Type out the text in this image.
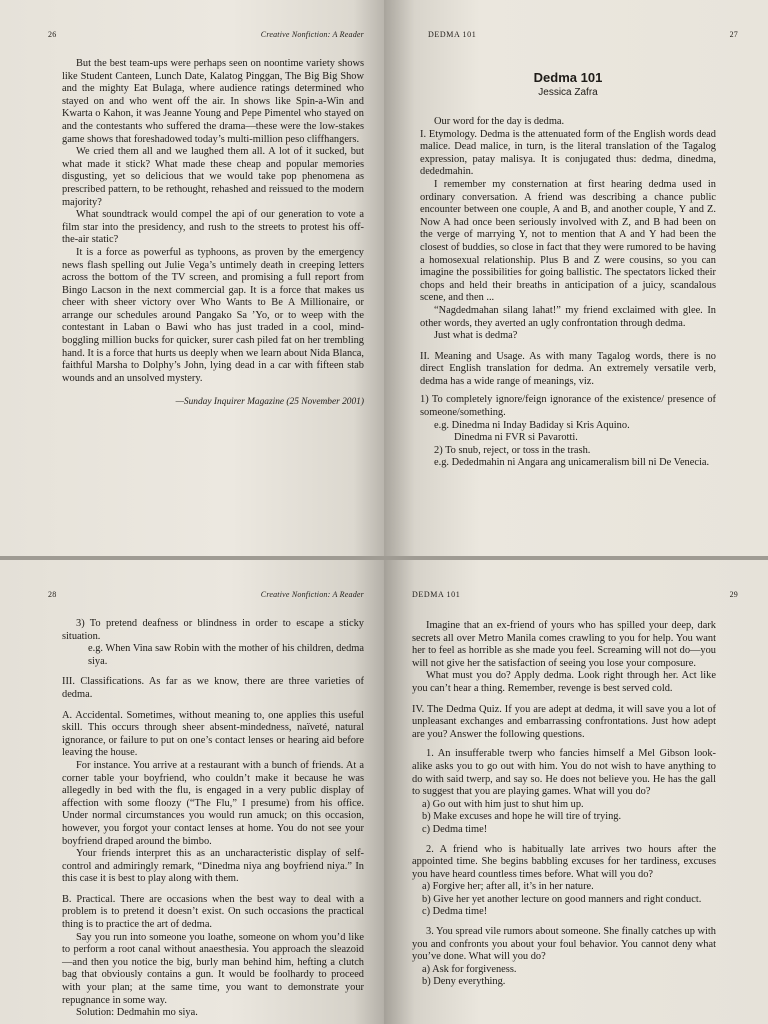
26	Creative Nonfiction: A Reader

But the best team-ups were perhaps seen on noontime variety shows like Student Canteen, Lunch Date, Kalatog Pinggan, The Big Big Show and the mighty Eat Bulaga, where audience ratings determined who stayed on and who went off the air. In shows like Spin-a-Win and Kwarta o Kahon, it was Jeanne Young and Pepe Pimentel who stayed on and the contestants who suffered the drama—these were the low-stakes game shows that foreshadowed today’s multi-million peso cliffhangers.

We cried them all and we laughed them all. A lot of it sucked, but what made it stick? What made these cheap and popular memories disgusting, yet so delicious that we would take pop phenomena as prescribed pattern, to be rethought, rehashed and reissued to the modern majority?

What soundtrack would compel the api of our generation to vote a film star into the presidency, and rush to the streets to protest his off-the-air static?

It is a force as powerful as typhoons, as proven by the emergency news flash spelling out Julie Vega’s untimely death in creeping letters across the bottom of the TV screen, and promising a full report from Bingo Lacson in the next commercial gap. It is a force that makes us cheer with sheer victory over Who Wants to Be A Millionaire, or arrange our schedules around Pangako Sa ’Yo, or to weep with the contestant in Laban o Bawi who has just traded in a cool, mind-boggling million bucks for quicker, surer cash piled fat on her trembling hand. It is a force that hurts us deeply when we learn about Nida Blanca, faithful Marsha to Dolphy’s John, lying dead in a car with fifteen stab wounds and an unsolved mystery.

—Sunday Inquirer Magazine (25 November 2001)
DEDMA 101	27
Dedma 101
Jessica Zafra

Our word for the day is dedma.

I. Etymology. Dedma is the attenuated form of the English words dead malice. Dead malice, in turn, is the literal translation of the Tagalog expression, patay malisya. It is conjugated thus: dedma, dinedma, dededmahin.

I remember my consternation at first hearing dedma used in ordinary conversation. A friend was describing a chance public encounter between one couple, A and B, and another couple, Y and Z. Now A had once been seriously involved with Z, and B had been on the verge of marrying Y, not to mention that A and Y had been the closest of buddies, so close in fact that they were rumored to be having a homosexual relationship. Plus B and Z were cousins, so you can imagine the possibilities for going ballistic. The spectators licked their chops and held their breaths in anticipation of a juicy, scandalous scene, and then ...

“Nagdedmahan silang lahat!” my friend exclaimed with glee. In other words, they averted an ugly confrontation through dedma.

Just what is dedma?

II. Meaning and Usage. As with many Tagalog words, there is no direct English translation for dedma. An extremely versatile verb, dedma has a wide range of meanings, viz.

1) To completely ignore/feign ignorance of the existence/ presence of someone/something.

e.g. Dinedma ni Inday Badiday si Kris Aquino.

Dinedma ni FVR si Pavarotti.

2) To snub, reject, or toss in the trash.

e.g. Dededmahin ni Angara ang unicameralism bill ni De Venecia.

28	Creative Nonfiction: A Reader

3) To pretend deafness or blindness in order to escape a sticky situation.

e.g. When Vina saw Robin with the mother of his children, dedma siya.

III. Classifications. As far as we know, there are three varieties of dedma.

A. Accidental. Sometimes, without meaning to, one applies this useful skill. This occurs through sheer absent-mindedness, naïveté, natural ignorance, or failure to put on one’s contact lenses or hearing aid before leaving the house.

For instance. You arrive at a restaurant with a bunch of friends. At a corner table your boyfriend, who couldn’t make it because he was allegedly in bed with the flu, is engaged in a very public display of affection with some floozy (“The Flu,” I presume) from his office. Under normal circumstances you would run amuck; on this occasion, however, you forgot your contact lenses at home. You do not see your boyfriend draped around the bimbo.

Your friends interpret this as an uncharacteristic display of self-control and admiringly remark, “Dinedma niya ang boyfriend niya.” In this case it is best to play along with them.

B. Practical. There are occasions when the best way to deal with a problem is to pretend it doesn’t exist. On such occasions the practical thing is to practice the art of dedma.

Say you run into someone you loathe, someone on whom you’d like to perform a root canal without anaesthesia. You approach the sleazoid—and then you notice the big, burly man behind him, hefting a clutch bag that obviously contains a gun. It would be foolhardy to proceed with your plan; at the same time, you want to demonstrate your repugnance in some way.

Solution: Dedmahin mo siya.

DEDMA 101	29

Imagine that an ex-friend of yours who has spilled your deep, dark secrets all over Metro Manila comes crawling to you for help. You want her to feel as horrible as she made you feel. Screaming will not do—you will not give her the satisfaction of seeing you lose your composure.

What must you do? Apply dedma. Look right through her. Act like you can’t hear a thing. Remember, revenge is best served cold.

IV. The Dedma Quiz. If you are adept at dedma, it will save you a lot of unpleasant exchanges and embarrassing confrontations. Just how adept are you? Answer the following questions.

1. An insufferable twerp who fancies himself a Mel Gibson look-alike asks you to go out with him. You do not wish to have anything to do with said twerp, and say so. He does not believe you. He has the gall to suggest that you are playing games. What will you do?

a) Go out with him just to shut him up.

b) Make excuses and hope he will tire of trying.

c) Dedma time!

2. A friend who is habitually late arrives two hours after the appointed time. She begins babbling excuses for her tardiness, excuses you have heard countless times before. What will you do?

a) Forgive her; after all, it’s in her nature.

b) Give her yet another lecture on good manners and right conduct.

c) Dedma time!

3. You spread vile rumors about someone. She finally catches up with you and confronts you about your foul behavior. You cannot deny what you’ve done. What will you do?

a) Ask for forgiveness.

b) Deny everything.
